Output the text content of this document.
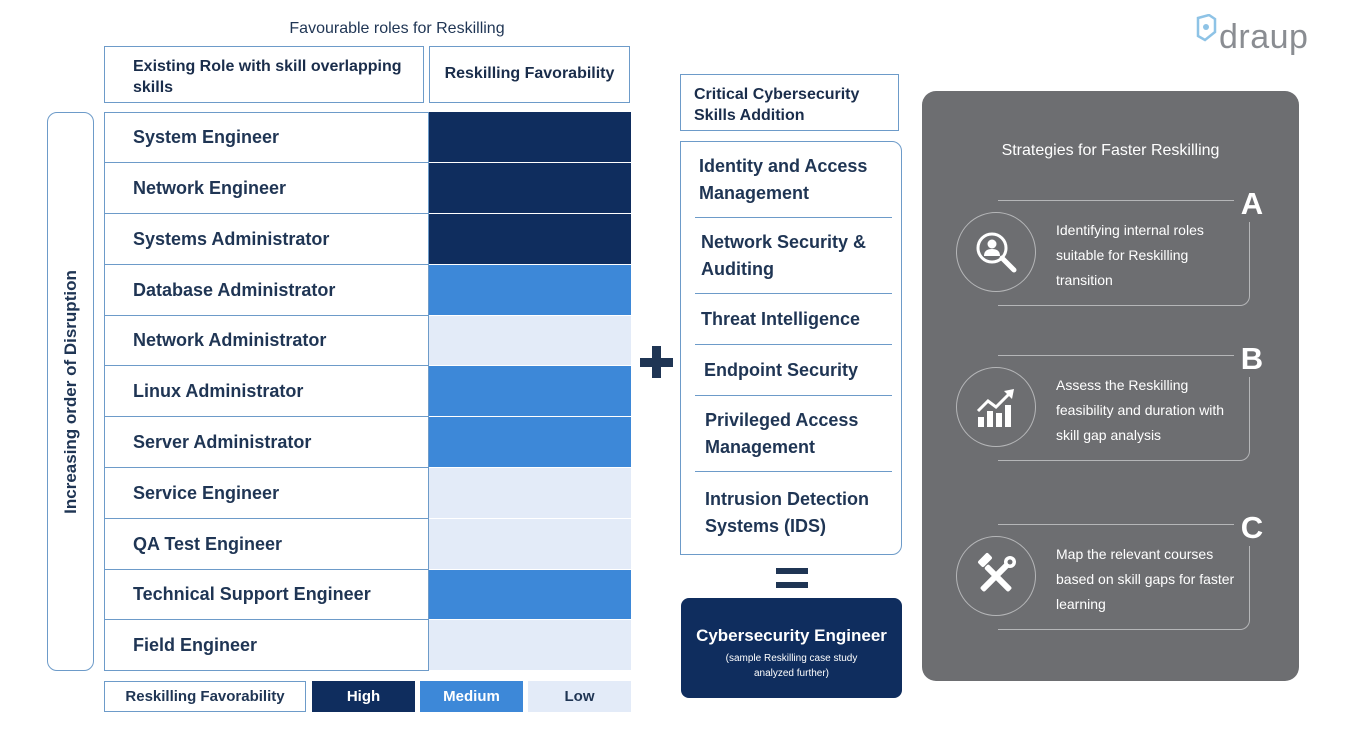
Favourable roles for Reskilling
Existing Role with skill overlapping skills
Reskilling Favorability
Increasing order of Disruption
System Engineer
Network Engineer
Systems Administrator
Database Administrator
Network Administrator
Linux Administrator
Server Administrator
Service Engineer
QA Test Engineer
Technical Support Engineer
Field Engineer
Reskilling Favorability	High	Medium	Low
Critical Cybersecurity Skills Addition
Identity and Access Management
Network Security & Auditing
Threat Intelligence
Endpoint Security
Privileged Access Management
Intrusion Detection Systems (IDS)
Cybersecurity Engineer
(sample Reskilling case study analyzed further)
Strategies for Faster Reskilling
Identifying internal roles suitable for Reskilling transition
A
Assess the Reskilling feasibility and duration with skill gap analysis
B
Map the relevant courses based on skill gaps for faster learning
C
draup
